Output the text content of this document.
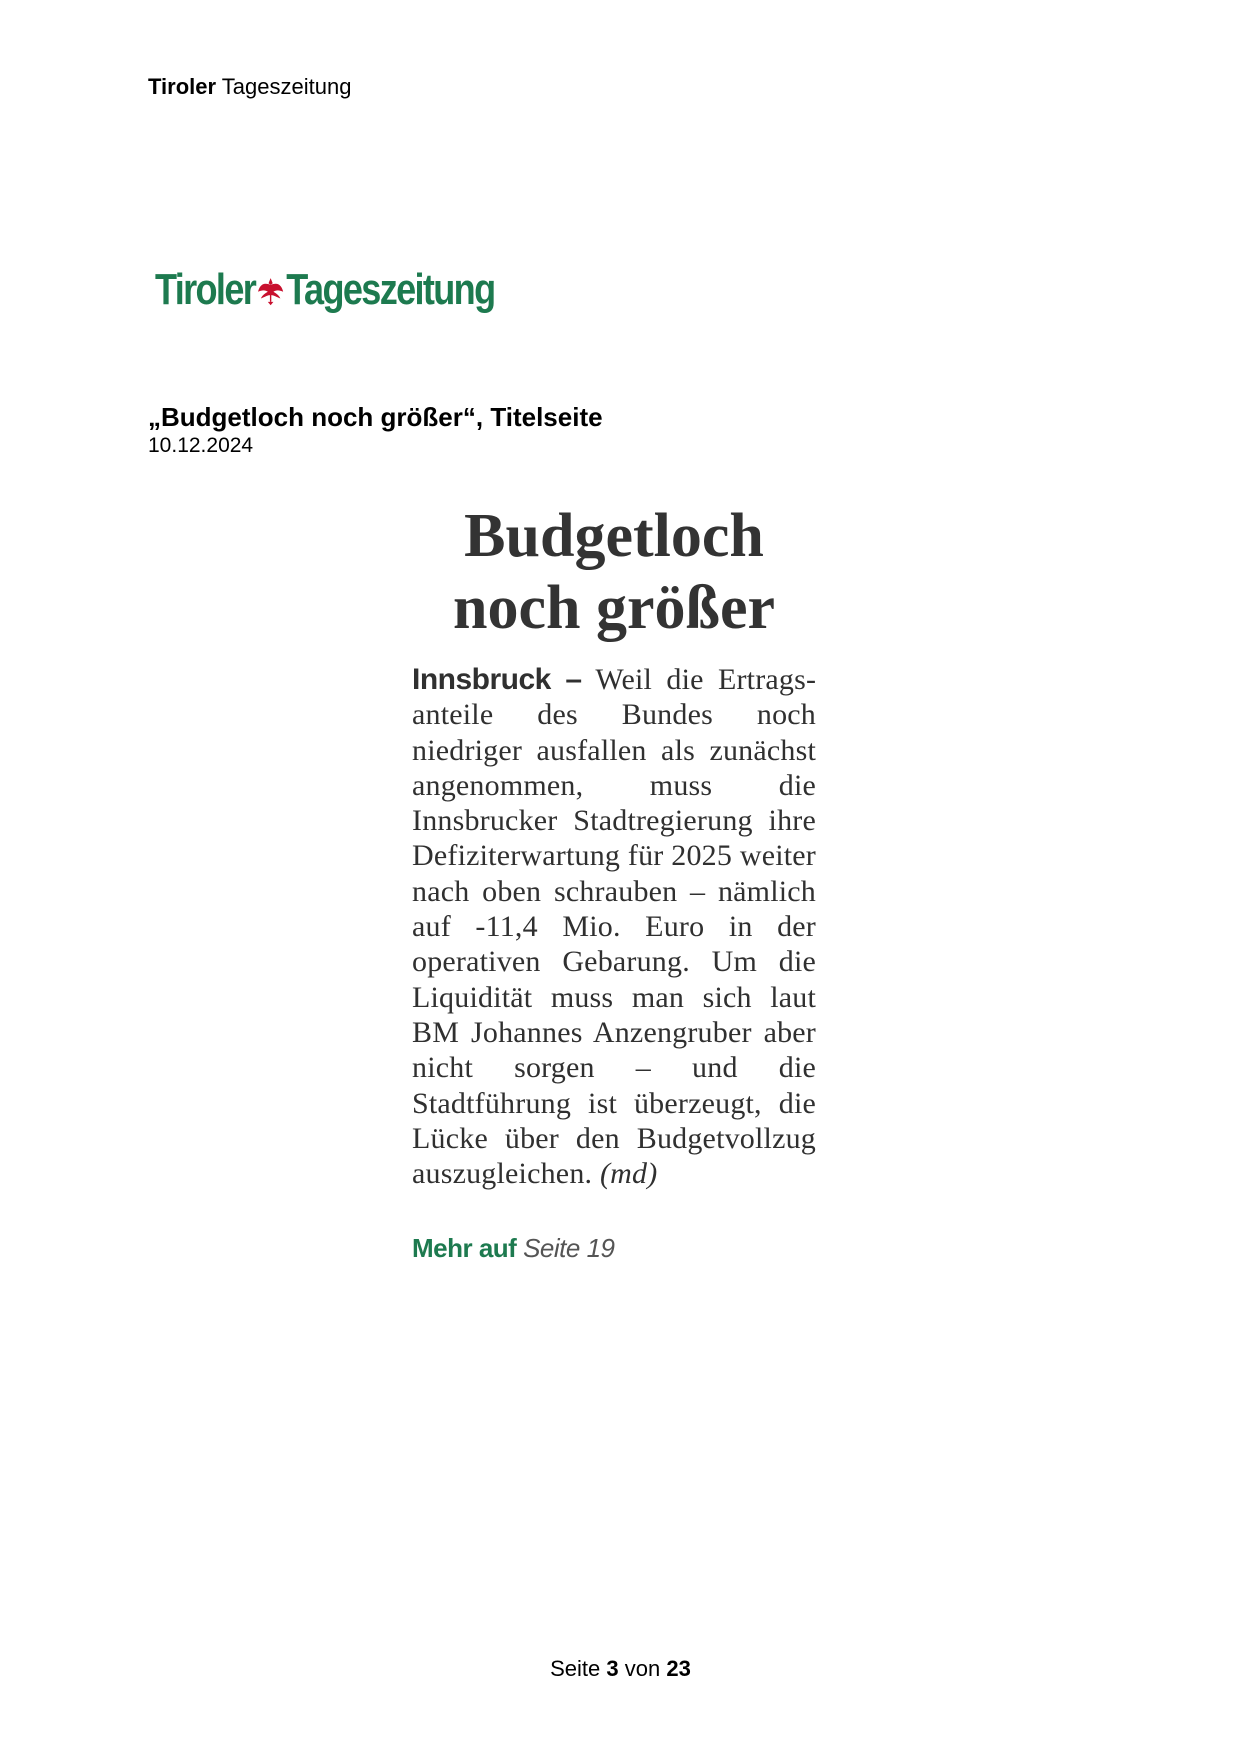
Tiroler Tageszeitung
Tiroler Tageszeitung
„Budgetloch noch größer“, Titelseite
10.12.2024
Budgetloch
noch größer
Innsbruck – Weil die Ertragsanteile des Bundes noch niedriger ausfallen als zunächst angenommen, muss die Innsbrucker Stadtregierung ihre Defiziterwartung für 2025 weiter nach oben schrauben – nämlich auf -11,4 Mio. Euro in der operativen Gebarung. Um die Liquidität muss man sich laut BM Johannes Anzengruber aber nicht sorgen – und die Stadtführung ist überzeugt, die Lücke über den Budgetvollzug auszugleichen. (md)
Mehr auf Seite 19
Seite 3 von 23
